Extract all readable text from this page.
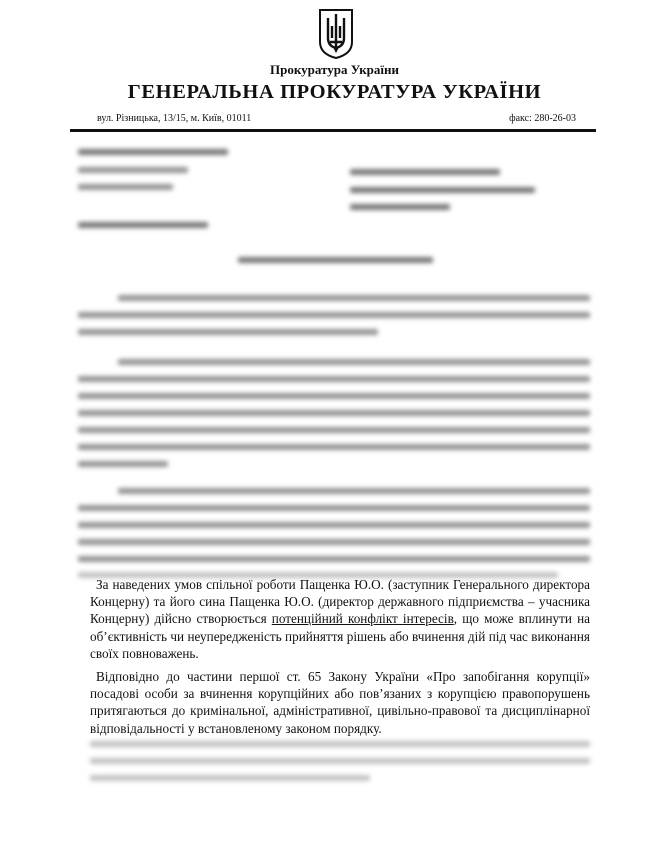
Прокуратура України
ГЕНЕРАЛЬНА ПРОКУРАТУРА УКРАЇНИ
вул. Різницька, 13/15, м. Київ, 01011	факс: 280-26-03
За наведених умов спільної роботи Пащенка Ю.О. (заступник Генерального директора Концерну) та його сина Пащенка Ю.О. (директор державного підприємства – учасника Концерну) дійсно створюється потенційний конфлікт інтересів, що може вплинути на об’єктивність чи неупередженість прийняття рішень або вчинення дій під час виконання своїх повноважень.
Відповідно до частини першої ст. 65 Закону України «Про запобігання корупції» посадові особи за вчинення корупційних або пов’язаних з корупцією правопорушень притягаються до кримінальної, адміністративної, цивільно-правової та дисциплінарної відповідальності у встановленому законом порядку.
